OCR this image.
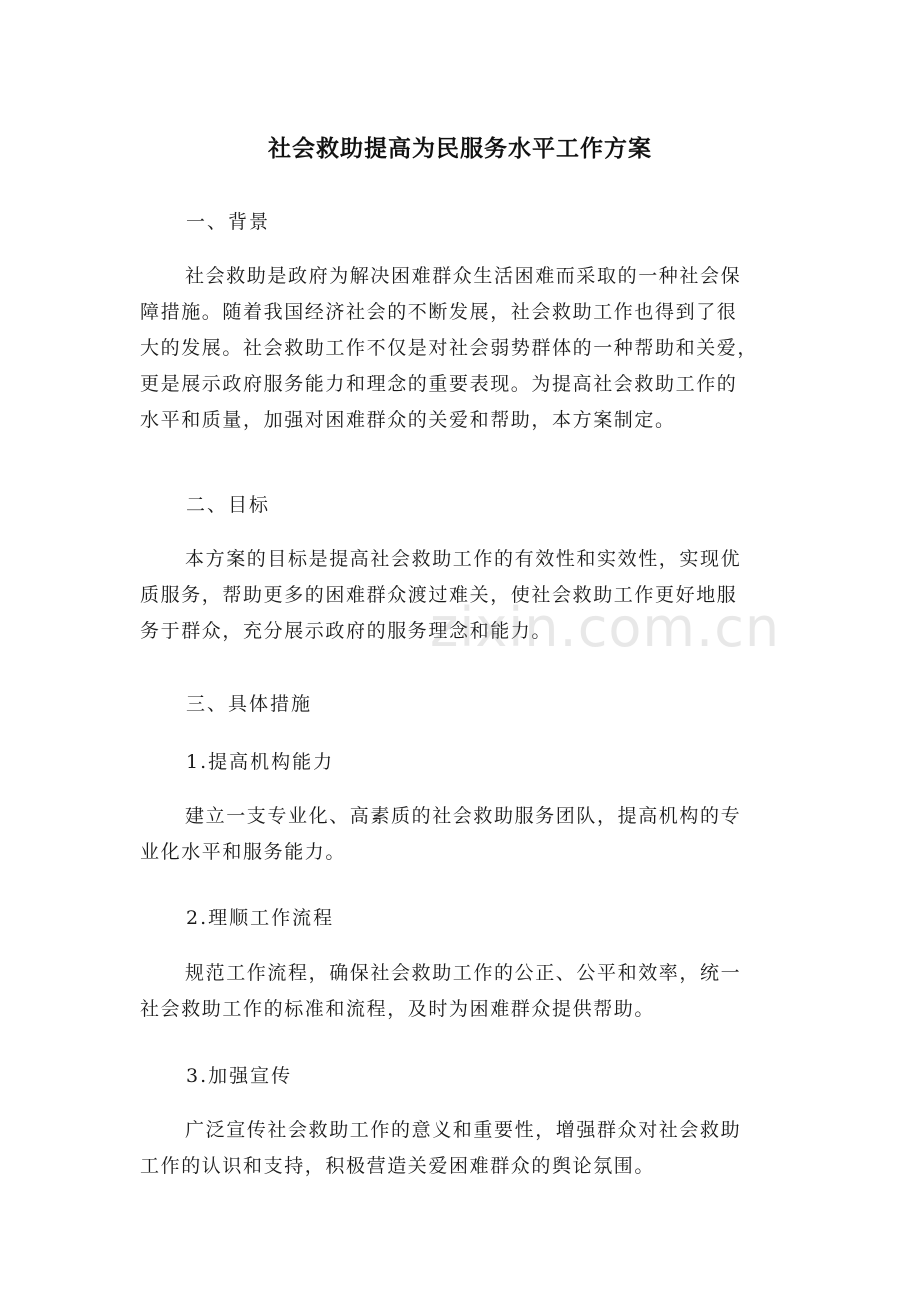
社会救助提高为民服务水平工作方案
一、背景
社会救助是政府为解决困难群众生活困难而采取的一种社会保
障措施。随着我国经济社会的不断发展，社会救助工作也得到了很
大的发展。社会救助工作不仅是对社会弱势群体的一种帮助和关爱，
更是展示政府服务能力和理念的重要表现。为提高社会救助工作的
水平和质量，加强对困难群众的关爱和帮助，本方案制定。
二、目标
本方案的目标是提高社会救助工作的有效性和实效性，实现优
质服务，帮助更多的困难群众渡过难关，使社会救助工作更好地服
务于群众，充分展示政府的服务理念和能力。
三、具体措施
1.提高机构能力
建立一支专业化、高素质的社会救助服务团队，提高机构的专
业化水平和服务能力。
2.理顺工作流程
规范工作流程，确保社会救助工作的公正、公平和效率，统一
社会救助工作的标准和流程，及时为困难群众提供帮助。
3.加强宣传
广泛宣传社会救助工作的意义和重要性，增强群众对社会救助
工作的认识和支持，积极营造关爱困难群众的舆论氛围。
zixin.com.cn
